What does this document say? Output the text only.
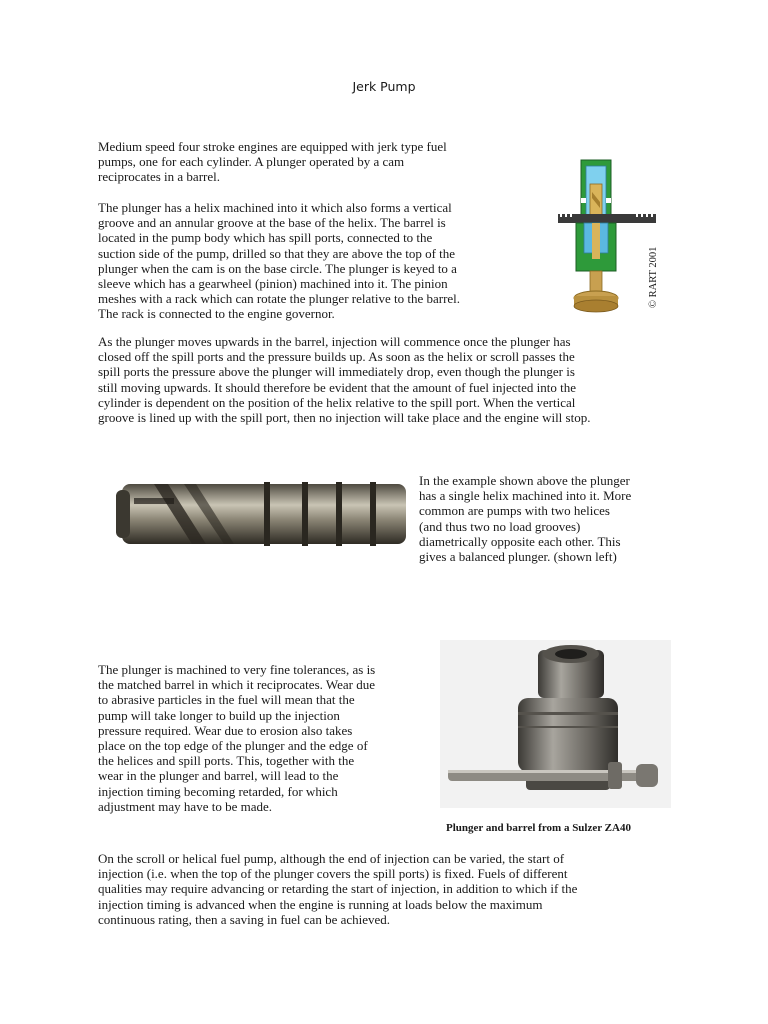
Jerk Pump

Medium speed four stroke engines are equipped with jerk type fuel
pumps, one for each cylinder. A plunger operated by a cam
reciprocates in a barrel.

The plunger has a helix machined into it which also forms a vertical
groove and an annular groove at the base of the helix. The barrel is
located in the pump body which has spill ports, connected to the
suction side of the pump, drilled so that they are above the top of the
plunger when the cam is on the base circle. The plunger is keyed to a
sleeve which has a gearwheel (pinion) machined into it. The pinion
meshes with a rack which can rotate the plunger relative to the barrel.
The rack is connected to the engine governor.

© RART 2001

As the plunger moves upwards in the barrel, injection will commence once the plunger has
closed off the spill ports and the pressure builds up. As soon as the helix or scroll passes the
spill ports the pressure above the plunger will immediately drop, even though the plunger is
still moving upwards. It should therefore be evident that the amount of fuel injected into the
cylinder is dependent on the position of the helix relative to the spill port. When the vertical
groove is lined up with the spill port, then no injection will take place and the engine will stop.

In the example shown above the plunger
has a single helix machined into it. More
common are pumps with two helices
(and thus two no load grooves)
diametrically opposite each other. This
gives a balanced plunger. (shown left)

The plunger is machined to very fine tolerances, as is
the matched barrel in which it reciprocates. Wear due
to abrasive particles in the fuel will mean that the
pump will take longer to build up the injection
pressure required. Wear due to erosion also takes
place on the top edge of the plunger and the edge of
the helices and spill ports. This, together with the
wear in the plunger and barrel, will lead to the
injection timing becoming retarded, for which
adjustment may have to be made.

Plunger and barrel from a Sulzer ZA40

On the scroll or helical fuel pump, although the end of injection can be varied, the start of
injection (i.e. when the top of the plunger covers the spill ports) is fixed. Fuels of different
qualities may require advancing or retarding the start of injection, in addition to which if the
injection timing is advanced when the engine is running at loads below the maximum
continuous rating, then a saving in fuel can be achieved.
